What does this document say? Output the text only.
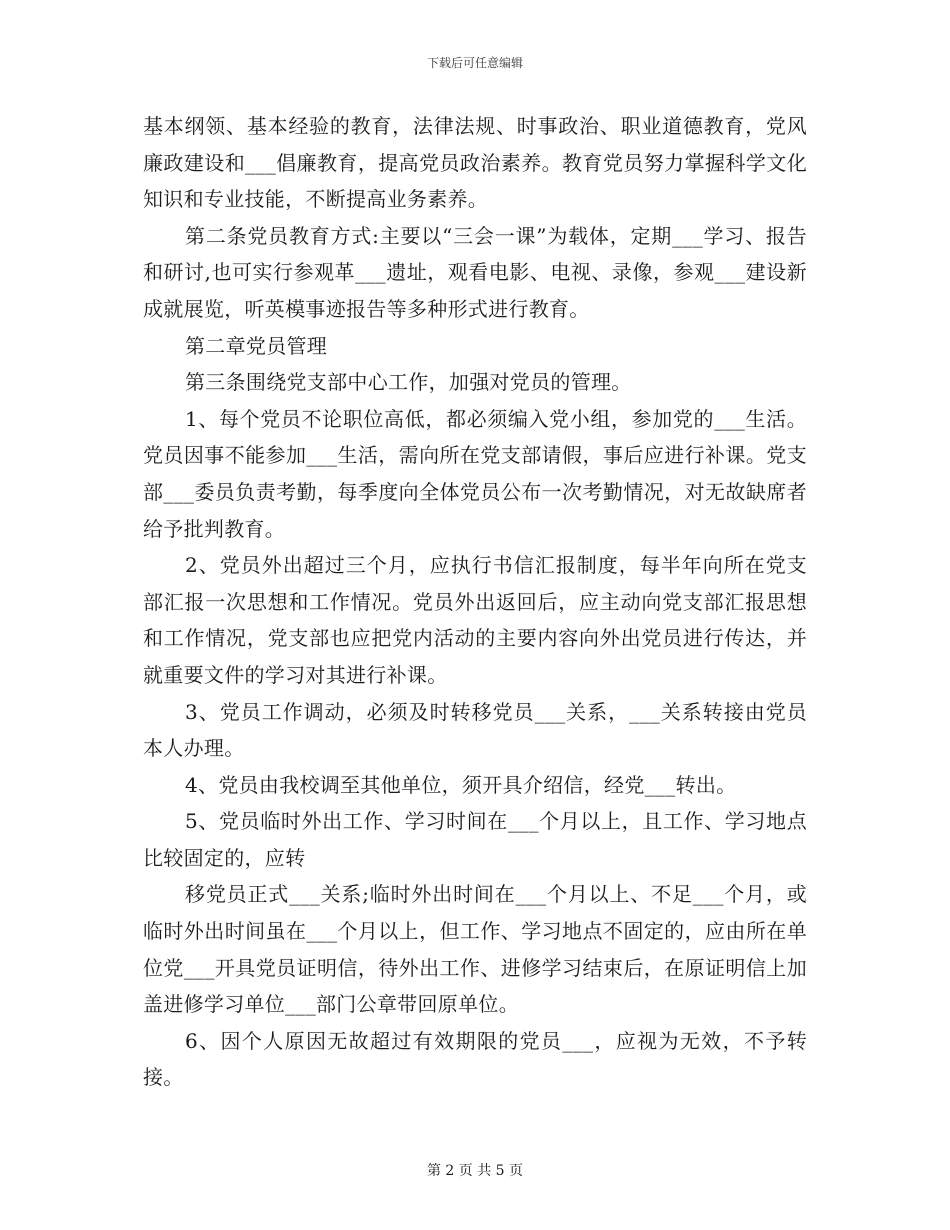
下载后可任意编辑

基本纲领、基本经验的教育，法律法规、时事政治、职业道德教育，党风廉政建设和___倡廉教育，提高党员政治素养。教育党员努力掌握科学文化知识和专业技能，不断提高业务素养。

第二条党员教育方式:主要以“三会一课”为载体，定期___学习、报告和研讨,也可实行参观革___遗址，观看电影、电视、录像，参观___建设新成就展览，听英模事迹报告等多种形式进行教育。

第二章党员管理

第三条围绕党支部中心工作，加强对党员的管理。

1、每个党员不论职位高低，都必须编入党小组，参加党的___生活。党员因事不能参加___生活，需向所在党支部请假，事后应进行补课。党支部___委员负责考勤，每季度向全体党员公布一次考勤情况，对无故缺席者给予批判教育。

2、党员外出超过三个月，应执行书信汇报制度，每半年向所在党支部汇报一次思想和工作情况。党员外出返回后，应主动向党支部汇报思想和工作情况，党支部也应把党内活动的主要内容向外出党员进行传达，并就重要文件的学习对其进行补课。

3、党员工作调动，必须及时转移党员___关系，___关系转接由党员本人办理。

4、党员由我校调至其他单位，须开具介绍信，经党___转出。

5、党员临时外出工作、学习时间在___个月以上，且工作、学习地点比较固定的，应转

移党员正式___关系;临时外出时间在___个月以上、不足___个月，或临时外出时间虽在___个月以上，但工作、学习地点不固定的，应由所在单位党___开具党员证明信，待外出工作、进修学习结束后，在原证明信上加盖进修学习单位___部门公章带回原单位。

6、因个人原因无故超过有效期限的党员___，应视为无效，不予转接。

第 2 页 共 5 页
